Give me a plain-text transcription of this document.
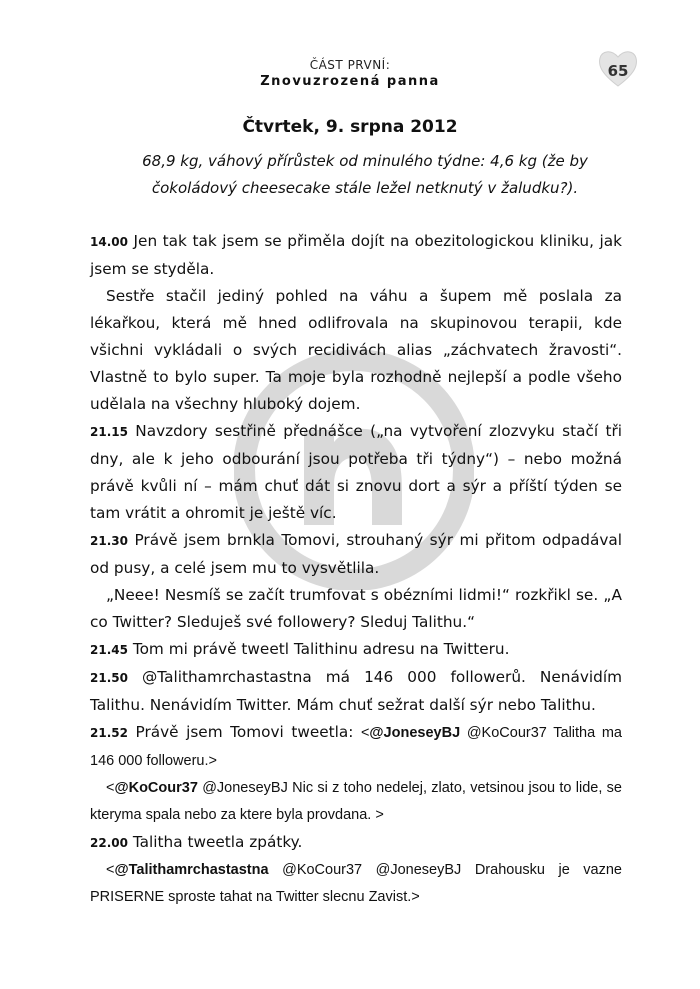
ČÁST PRVNÍ:
Znovuzrozená panna
65
Čtvrtek, 9. srpna 2012
68,9 kg, váhový přírůstek od minulého týdne: 4,6 kg (že by čokoládový cheesecake stále ležel netknutý v žaludku?).

14.00 Jen tak tak jsem se přiměla dojít na obezitologickou kliniku, jak jsem se styděla.

Sestře stačil jediný pohled na váhu a šupem mě poslala za lékařkou, která mě hned odlifrovala na skupinovou terapii, kde všichni vykládali o svých recidivách alias „záchvatech žravosti“. Vlastně to bylo super. Ta moje byla rozhodně nejlepší a podle všeho udělala na všechny hluboký dojem.

21.15 Navzdory sestřině přednášce („na vytvoření zlozvyku stačí tři dny, ale k jeho odbourání jsou potřeba tři týdny“) – nebo možná právě kvůli ní – mám chuť dát si znovu dort a sýr a příští týden se tam vrátit a ohromit je ještě víc.

21.30 Právě jsem brnkla Tomovi, strouhaný sýr mi přitom odpadával od pusy, a celé jsem mu to vysvětlila.

„Neee! Nesmíš se začít trumfovat s obézními lidmi!“ rozkřikl se. „A co Twitter? Sleduješ své followery? Sleduj Talithu.“

21.45 Tom mi právě tweetl Talithinu adresu na Twitteru.

21.50 @Talithamrchastastna má 146 000 followerů. Nenávidím Talithu. Nenávidím Twitter. Mám chuť sežrat další sýr nebo Talithu.

21.52 Právě jsem Tomovi tweetla: <@JoneseyBJ @KoCour37 Talitha ma 146 000 followeru.>

<@KoCour37 @JoneseyBJ Nic si z toho nedelej, zlato, vetsinou jsou to lide, se kteryma spala nebo za ktere byla provdana. >

22.00 Talitha tweetla zpátky.

<@Talithamrchastastna @KoCour37 @JoneseyBJ Drahousku je vazne PRISERNE sproste tahat na Twitter slecnu Zavist.>
